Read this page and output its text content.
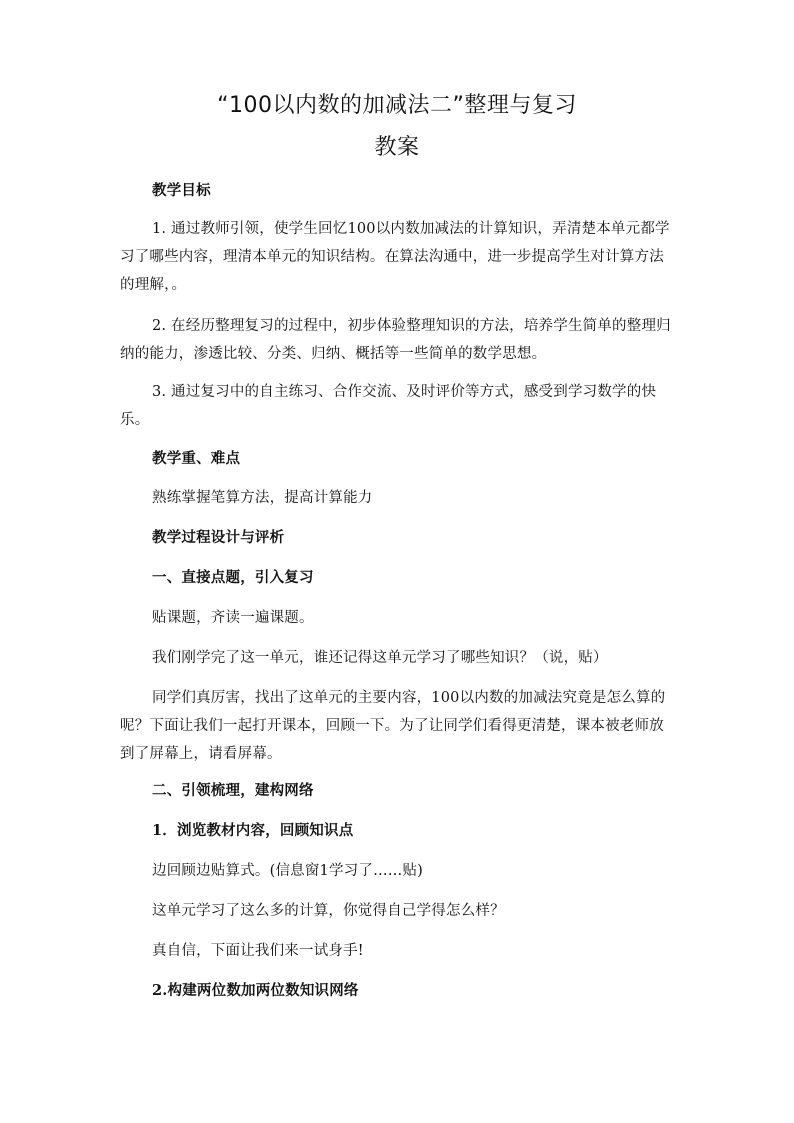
“100以内数的加减法二”整理与复习
教案

教学目标

1. 通过教师引领，使学生回忆100以内数加减法的计算知识，弄清楚本单元都学习了哪些内容，理清本单元的知识结构。在算法沟通中，进一步提高学生对计算方法的理解，。

2. 在经历整理复习的过程中，初步体验整理知识的方法，培养学生简单的整理归纳的能力，渗透比较、分类、归纳、概括等一些简单的数学思想。

3. 通过复习中的自主练习、合作交流、及时评价等方式，感受到学习数学的快乐。

教学重、难点

熟练掌握笔算方法，提高计算能力

教学过程设计与评析

一、直接点题，引入复习

贴课题，齐读一遍课题。

我们刚学完了这一单元，谁还记得这单元学习了哪些知识？（说，贴）

同学们真厉害，找出了这单元的主要内容，100以内数的加减法究竟是怎么算的呢？下面让我们一起打开课本，回顾一下。为了让同学们看得更清楚，课本被老师放到了屏幕上，请看屏幕。

二、引领梳理，建构网络

1．浏览教材内容，回顾知识点

边回顾边贴算式。(信息窗1学习了……贴)

这单元学习了这么多的计算，你觉得自己学得怎么样？

真自信，下面让我们来一试身手!

2.构建两位数加两位数知识网络
